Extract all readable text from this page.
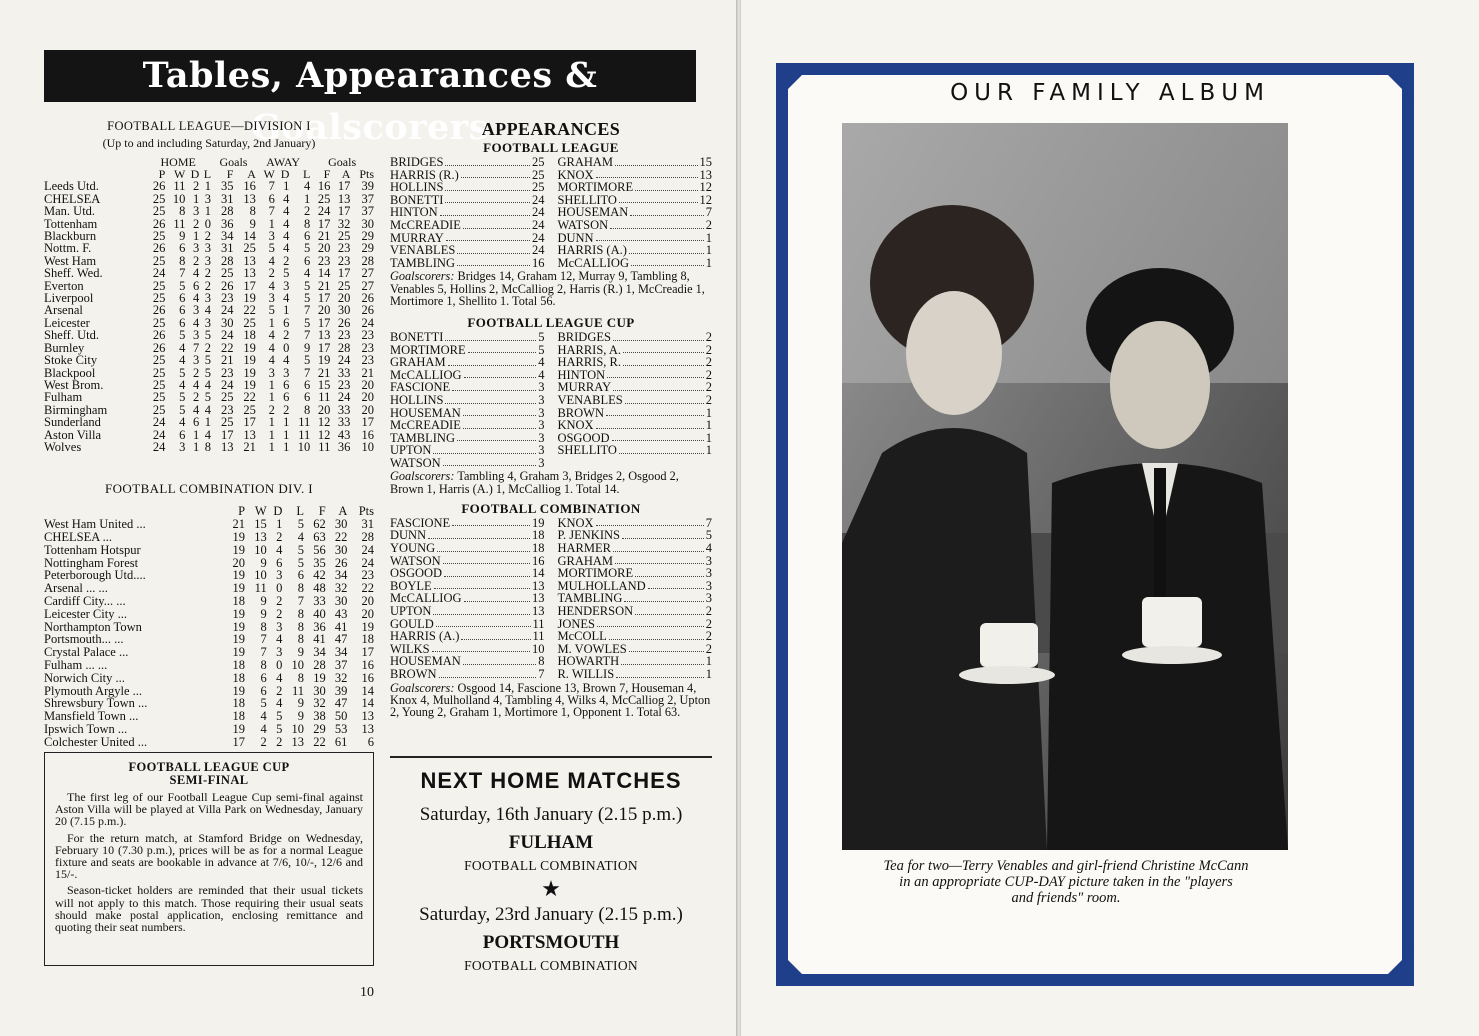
Tables, Appearances & Goalscorers
FOOTBALL LEAGUE—DIVISION I
(Up to and including Saturday, 2nd January)
	HOME				Goals		AWAY			Goals		
	P	W	D	L	F	A	W	D	L	F	A	Pts
Leeds Utd.	26	11	2	1	35	16	7	1	4	16	17	39
CHELSEA	25	10	1	3	31	13	6	4	1	25	13	37
Man. Utd.	25	8	3	1	28	8	7	4	2	24	17	37
Tottenham	26	11	2	0	36	9	1	4	8	17	32	30
Blackburn	25	9	1	2	34	14	3	4	6	21	25	29
Nottm. F.	26	6	3	3	31	25	5	4	5	20	23	29
West Ham	25	8	2	3	28	13	4	2	6	23	23	28
Sheff. Wed.	24	7	4	2	25	13	2	5	4	14	17	27
Everton	25	5	6	2	26	17	4	3	5	21	25	27
Liverpool	25	6	4	3	23	19	3	4	5	17	20	26
Arsenal	26	6	3	4	24	22	5	1	7	20	30	26
Leicester	25	6	4	3	30	25	1	6	5	17	26	24
Sheff. Utd.	26	5	3	5	24	18	4	2	7	13	23	23
Burnley	26	4	7	2	22	19	4	0	9	17	28	23
Stoke City	25	4	3	5	21	19	4	4	5	19	24	23
Blackpool	25	5	2	5	23	19	3	3	7	21	33	21
West Brom.	25	4	4	4	24	19	1	6	6	15	23	20
Fulham	25	5	2	5	25	22	1	6	6	11	24	20
Birmingham	25	5	4	4	23	25	2	2	8	20	33	20
Sunderland	24	4	6	1	25	17	1	1	11	12	33	17
Aston Villa	24	6	1	4	17	13	1	1	11	12	43	16
Wolves	24	3	1	8	13	21	1	1	10	11	36	10
FOOTBALL COMBINATION DIV. I
	P	W	D	L	F	A	Pts
West Ham United ...	21	15	1	5	62	30	31
CHELSEA ...	19	13	2	4	63	22	28
Tottenham Hotspur	19	10	4	5	56	30	24
Nottingham Forest	20	9	6	5	35	26	24
Peterborough Utd....	19	10	3	6	42	34	23
Arsenal ... ...	19	11	0	8	48	32	22
Cardiff City... ...	18	9	2	7	33	30	20
Leicester City ...	19	9	2	8	40	43	20
Northampton Town	19	8	3	8	36	41	19
Portsmouth... ...	19	7	4	8	41	47	18
Crystal Palace ...	19	7	3	9	34	34	17
Fulham ... ...	18	8	0	10	28	37	16
Norwich City ...	18	6	4	8	19	32	16
Plymouth Argyle ...	19	6	2	11	30	39	14
Shrewsbury Town ...	18	5	4	9	32	47	14
Mansfield Town ...	18	4	5	9	38	50	13
Ipswich Town ...	19	4	5	10	29	53	13
Colchester United ...	17	2	2	13	22	61	6
APPEARANCES
FOOTBALL LEAGUE
BRIDGES	25
HARRIS (R.)	25
HOLLINS	25
BONETTI	24
HINTON	24
McCREADIE	24
MURRAY	24
VENABLES	24
TAMBLING	16
GRAHAM	15
KNOX	13
MORTIMORE	12
SHELLITO	12
HOUSEMAN	7
WATSON	2
DUNN	1
HARRIS (A.)	1
McCALLIOG	1
Goalscorers: Bridges 14, Graham 12, Murray 9, Tambling 8, Venables 5, Hollins 2, McCalliog 2, Harris (R.) 1, McCreadie 1, Mortimore 1, Shellito 1. Total 56.
FOOTBALL LEAGUE CUP
BONETTI	5
MORTIMORE	5
GRAHAM	4
McCALLIOG	4
FASCIONE	3
HOLLINS	3
HOUSEMAN	3
McCREADIE	3
TAMBLING	3
UPTON	3
WATSON	3
BRIDGES	2
HARRIS, A.	2
HARRIS, R.	2
HINTON	2
MURRAY	2
VENABLES	2
BROWN	1
KNOX	1
OSGOOD	1
SHELLITO	1
Goalscorers: Tambling 4, Graham 3, Bridges 2, Osgood 2, Brown 1, Harris (A.) 1, McCalliog 1. Total 14.
FOOTBALL COMBINATION
FASCIONE	19
DUNN	18
YOUNG	18
WATSON	16
OSGOOD	14
BOYLE	13
McCALLIOG	13
UPTON	13
GOULD	11
HARRIS (A.)	11
WILKS	10
HOUSEMAN	8
BROWN	7
KNOX	7
P. JENKINS	5
HARMER	4
GRAHAM	3
MORTIMORE	3
MULHOLLAND	3
TAMBLING	3
HENDERSON	2
JONES	2
McCOLL	2
M. VOWLES	2
HOWARTH	1
R. WILLIS	1
Goalscorers: Osgood 14, Fascione 13, Brown 7, Houseman 4, Knox 4, Mulholland 4, Tambling 4, Wilks 4, McCalliog 2, Upton 2, Young 2, Graham 1, Mortimore 1, Opponent 1. Total 63.
FOOTBALL LEAGUE CUP
SEMI-FINAL

The first leg of our Football League Cup semi-final against Aston Villa will be played at Villa Park on Wednesday, January 20 (7.15 p.m.).

For the return match, at Stamford Bridge on Wednesday, February 10 (7.30 p.m.), prices will be as for a normal League fixture and seats are bookable in advance at 7/6, 10/-, 12/6 and 15/-.

Season-ticket holders are reminded that their usual tickets will not apply to this match. Those requiring their usual seats should make postal application, enclosing remittance and quoting their seat numbers.

NEXT HOME MATCHES
Saturday, 16th January (2.15 p.m.)
FULHAM
FOOTBALL COMBINATION
★
Saturday, 23rd January (2.15 p.m.)
PORTSMOUTH
FOOTBALL COMBINATION
10
OUR FAMILY ALBUM
Tea for two—Terry Venables and girl-friend Christine McCann
in an appropriate CUP-DAY picture taken in the "players
and friends" room.
